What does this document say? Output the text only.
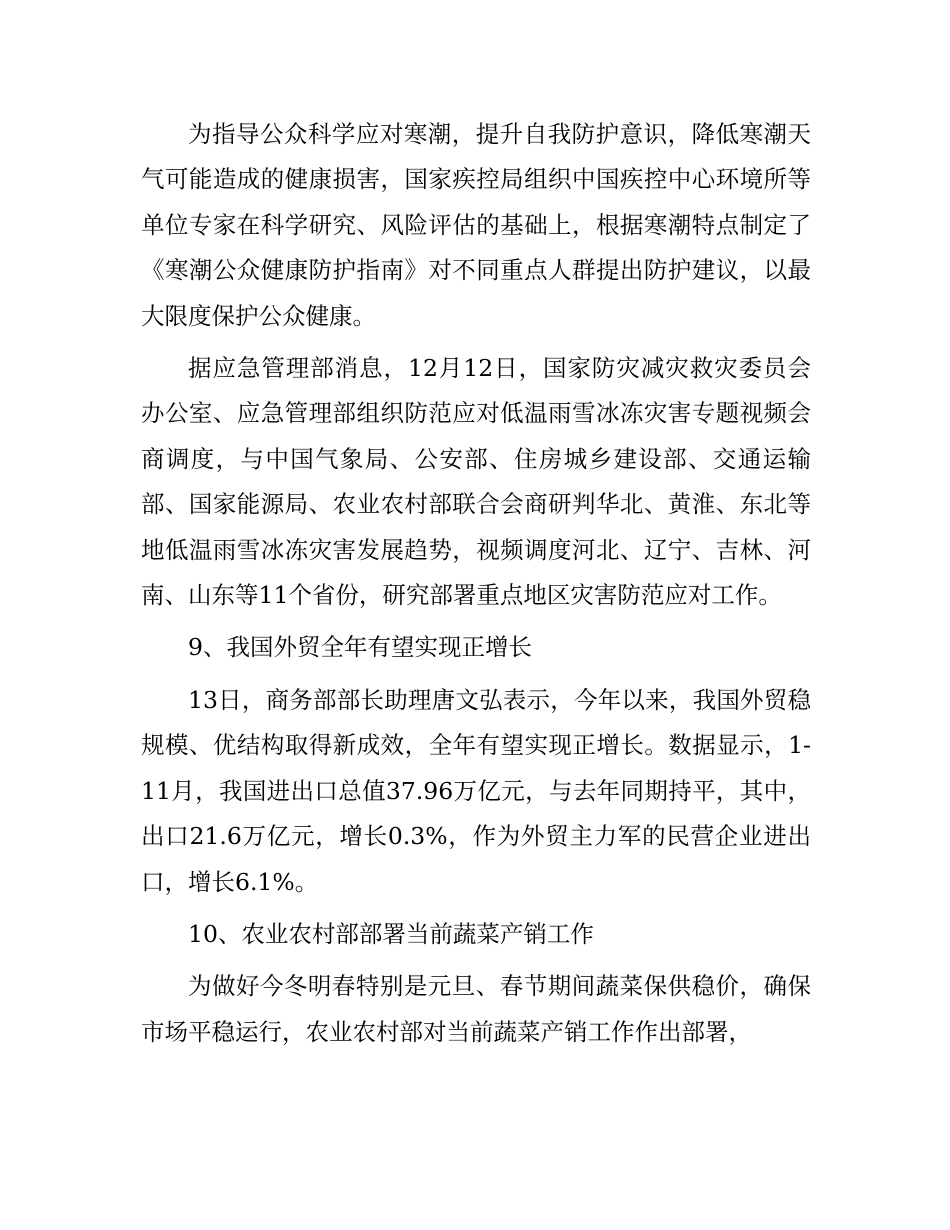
为指导公众科学应对寒潮，提升自我防护意识，降低寒潮天气可能造成的健康损害，国家疾控局组织中国疾控中心环境所等单位专家在科学研究、风险评估的基础上，根据寒潮特点制定了《寒潮公众健康防护指南》对不同重点人群提出防护建议，以最大限度保护公众健康。

据应急管理部消息，12月12日，国家防灾减灾救灾委员会办公室、应急管理部组织防范应对低温雨雪冰冻灾害专题视频会商调度，与中国气象局、公安部、住房城乡建设部、交通运输部、国家能源局、农业农村部联合会商研判华北、黄淮、东北等地低温雨雪冰冻灾害发展趋势，视频调度河北、辽宁、吉林、河南、山东等11个省份，研究部署重点地区灾害防范应对工作。

9、我国外贸全年有望实现正增长

13日，商务部部长助理唐文弘表示，今年以来，我国外贸稳规模、优结构取得新成效，全年有望实现正增长。数据显示，1-11月，我国进出口总值37.96万亿元，与去年同期持平，其中，出口21.6万亿元，增长0.3%，作为外贸主力军的民营企业进出口，增长6.1%。

10、农业农村部部署当前蔬菜产销工作

为做好今冬明春特别是元旦、春节期间蔬菜保供稳价，确保市场平稳运行，农业农村部对当前蔬菜产销工作作出部署，
